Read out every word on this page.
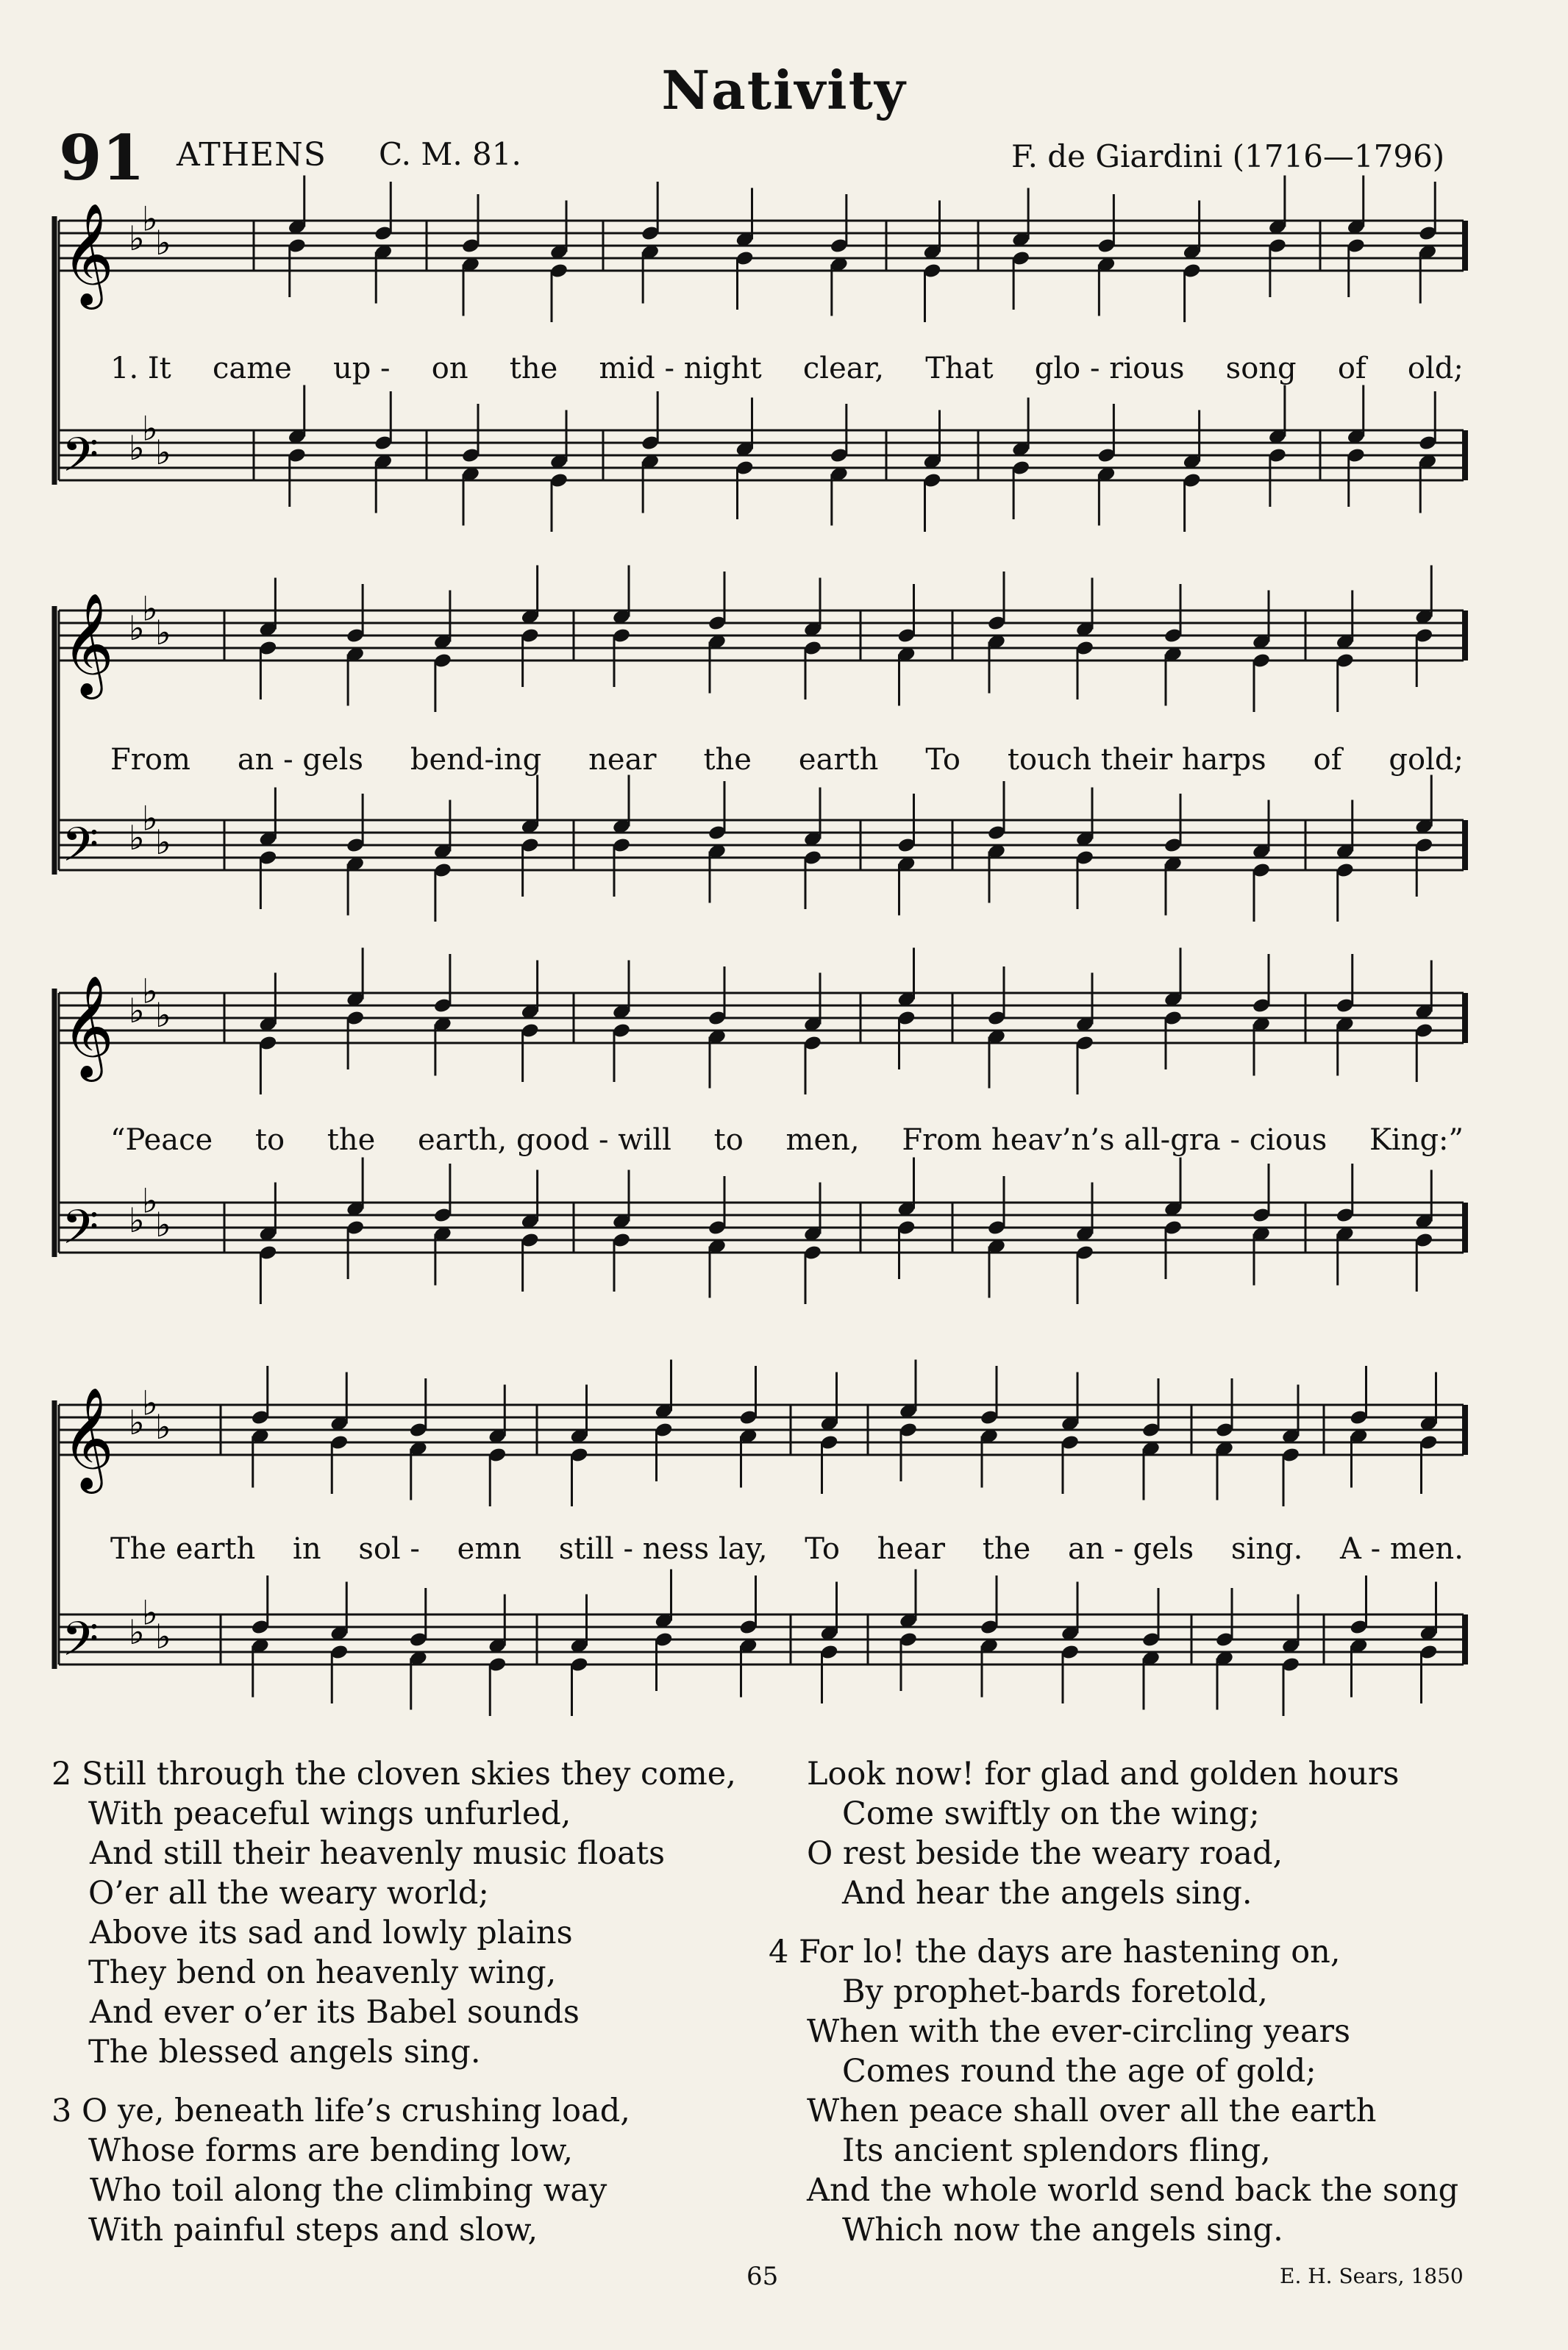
Nativity
91 ATHENS C. M. 81.	F. de Giardini (1716—1796)
𝄞 ♭
♭
♭
𝄢 ♭
♭
♭
𝄞 ♭
♭
♭
𝄢 ♭
♭
♭
𝄞 ♭
♭
♭
𝄢 ♭
♭
♭
𝄞 ♭
♭
♭
𝄢 ♭
♭
♭
1. It came up - on the mid - night clear, That glo - rious song of old;
From an - gels bend-ing near the earth To touch their harps of gold;
“Peace to the earth, good - will to men, From heav’n’s all-gra - cious King:”
The earth in sol - emn still - ness lay, To hear the an - gels sing. A - men.
2 Still through the cloven skies they come,
With peaceful wings unfurled,
And still their heavenly music floats
O’er all the weary world;
Above its sad and lowly plains
They bend on heavenly wing,
And ever o’er its Babel sounds
The blessed angels sing.
3 O ye, beneath life’s crushing load,
Whose forms are bending low,
Who toil along the climbing way
With painful steps and slow,
Look now! for glad and golden hours
Come swiftly on the wing;
O rest beside the weary road,
And hear the angels sing.
4 For lo! the days are hastening on,
By prophet-bards foretold,
When with the ever-circling years
Comes round the age of gold;
When peace shall over all the earth
Its ancient splendors fling,
And the whole world send back the song
Which now the angels sing.
65	E. H. Sears, 1850
